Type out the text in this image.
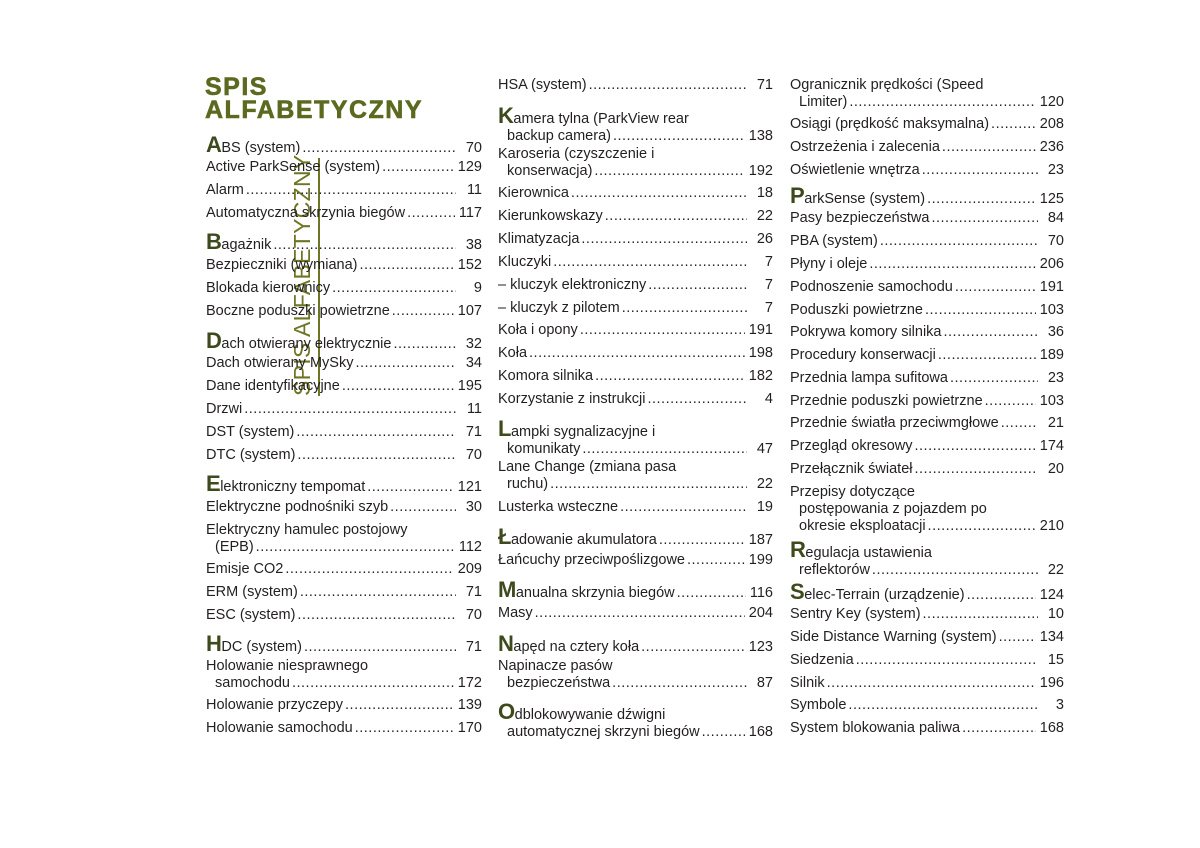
SPIS ALFABETYCZNY
SPIS
ALFABETYCZNY
ABS (system) .....	70
Active ParkSense (system) .....	129
Alarm .....	11
Automatyczna skrzynia biegów .....	117
Bagażnik .....	38
Bezpieczniki (wymiana) .....	152
Blokada kierownicy .....	9
Boczne poduszki powietrzne .....	107
Dach otwierany elektrycznie .....	32
Dach otwierany MySky .....	34
Dane identyfikacyjne .....	195
Drzwi .....	11
DST (system) .....	71
DTC (system) .....	70
Elektroniczny tempomat .....	121
Elektryczne podnośniki szyb .....	30
Elektryczny hamulec postojowy
(EPB) .....	112
Emisje CO2 .....	209
ERM (system) .....	71
ESC (system) .....	70
HDC (system) .....	71
Holowanie niesprawnego
samochodu .....	172
Holowanie przyczepy .....	139
Holowanie samochodu .....	170
HSA (system) .....	71
Kamera tylna (ParkView rear
backup camera) .....	138
Karoseria (czyszczenie i
konserwacja) .....	192
Kierownica .....	18
Kierunkowskazy .....	22
Klimatyzacja .....	26
Kluczyki .....	7
– kluczyk elektroniczny .....	7
– kluczyk z pilotem .....	7
Koła i opony .....	191
Koła .....	198
Komora silnika .....	182
Korzystanie z instrukcji .....	4
Lampki sygnalizacyjne i
komunikaty .....	47
Lane Change (zmiana pasa
ruchu) .....	22
Lusterka wsteczne .....	19
Ładowanie akumulatora .....	187
Łańcuchy przeciwpoślizgowe .....	199
Manualna skrzynia biegów .....	116
Masy .....	204
Napęd na cztery koła .....	123
Napinacze pasów
bezpieczeństwa .....	87
Odblokowywanie dźwigni
automatycznej skrzyni biegów .....	168
Ogranicznik prędkości (Speed
Limiter) .....	120
Osiągi (prędkość maksymalna) .....	208
Ostrzeżenia i zalecenia .....	236
Oświetlenie wnętrza .....	23
ParkSense (system) .....	125
Pasy bezpieczeństwa .....	84
PBA (system) .....	70
Płyny i oleje .....	206
Podnoszenie samochodu .....	191
Poduszki powietrzne .....	103
Pokrywa komory silnika .....	36
Procedury konserwacji .....	189
Przednia lampa sufitowa .....	23
Przednie poduszki powietrzne .....	103
Przednie światła przeciwmgłowe .....	21
Przegląd okresowy .....	174
Przełącznik świateł .....	20
Przepisy dotyczące
postępowania z pojazdem po
okresie eksploatacji .....	210
Regulacja ustawienia
reflektorów .....	22
Selec-Terrain (urządzenie) .....	124
Sentry Key (system) .....	10
Side Distance Warning (system) .....	134
Siedzenia .....	15
Silnik .....	196
Symbole .....	3
System blokowania paliwa .....	168
